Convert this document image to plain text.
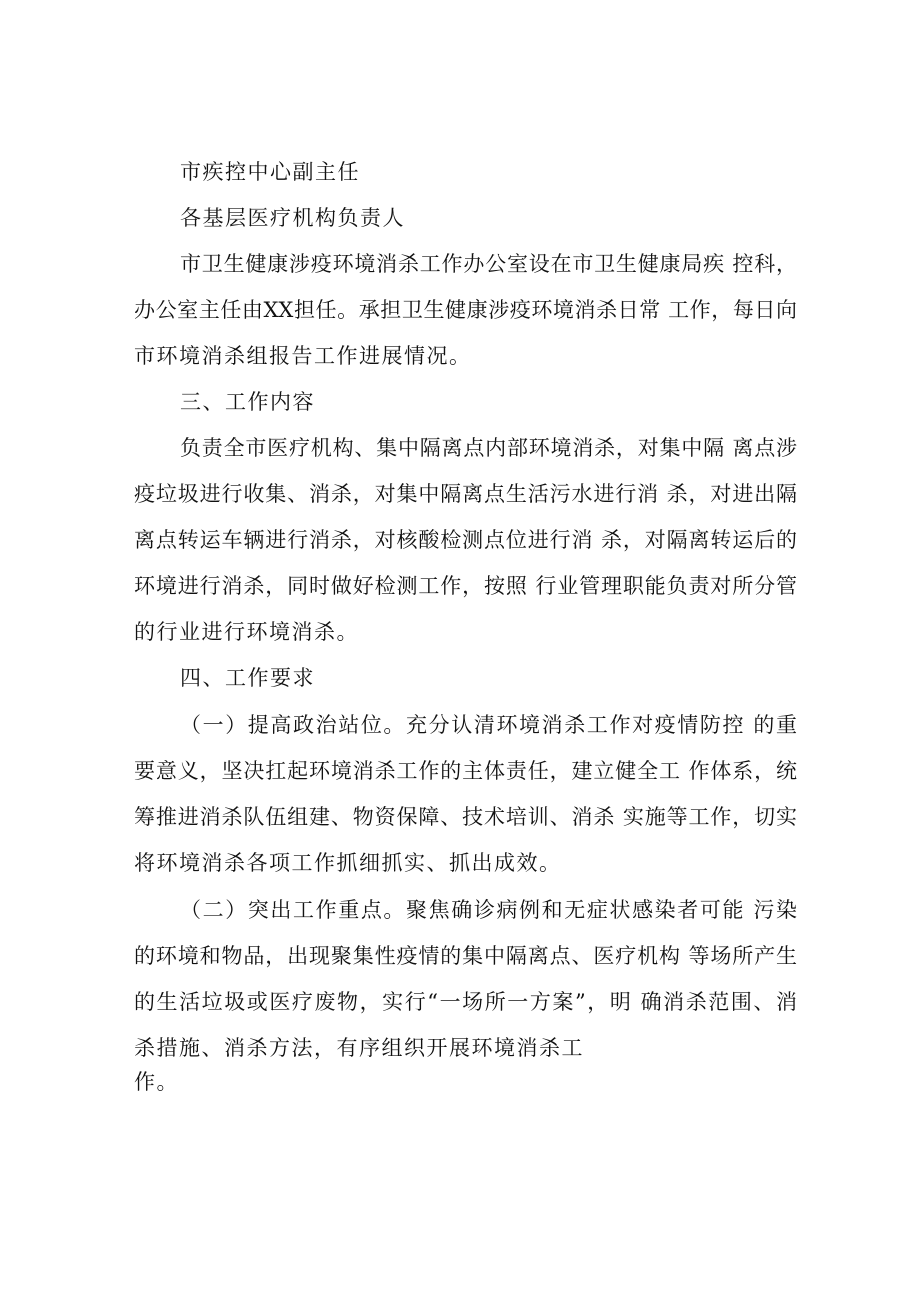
市疾控中心副主任
各基层医疗机构负责人
市卫生健康涉疫环境消杀工作办公室设在市卫生健康局疾 控科，
办公室主任由XX担任。承担卫生健康涉疫环境消杀日常 工作，每日向
市环境消杀组报告工作进展情况。
三、工作内容
负责全市医疗机构、集中隔离点内部环境消杀，对集中隔 离点涉
疫垃圾进行收集、消杀，对集中隔离点生活污水进行消 杀，对进出隔
离点转运车辆进行消杀，对核酸检测点位进行消 杀，对隔离转运后的
环境进行消杀，同时做好检测工作，按照 行业管理职能负责对所分管
的行业进行环境消杀。
四、工作要求
（一）提高政治站位。充分认清环境消杀工作对疫情防控 的重
要意义，坚决扛起环境消杀工作的主体责任，建立健全工 作体系，统
筹推进消杀队伍组建、物资保障、技术培训、消杀 实施等工作，切实
将环境消杀各项工作抓细抓实、抓出成效。
（二）突出工作重点。聚焦确诊病例和无症状感染者可能 污染
的环境和物品，出现聚集性疫情的集中隔离点、医疗机构 等场所产生
的生活垃圾或医疗废物，实行“一场所一方案”，明 确消杀范围、消
杀措施、消杀方法，有序组织开展环境消杀工
作。
